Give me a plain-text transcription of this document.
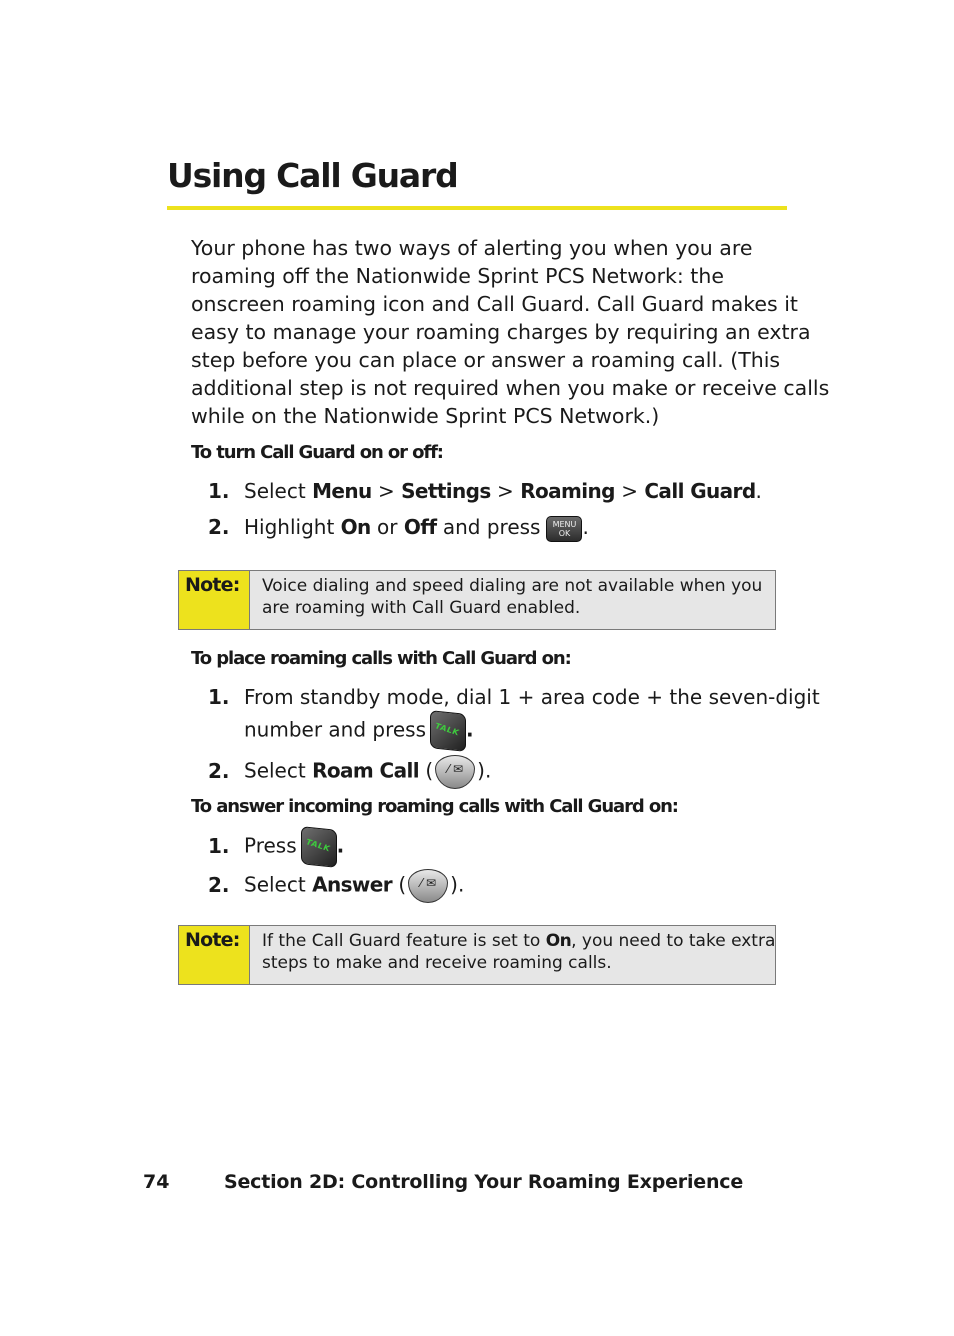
Using Call Guard
Your phone has two ways of alerting you when you are
roaming off the Nationwide Sprint PCS Network: the
onscreen roaming icon and Call Guard. Call Guard makes it
easy to manage your roaming charges by requiring an extra
step before you can place or answer a roaming call. (This
additional step is not required when you make or receive calls
while on the Nationwide Sprint PCS Network.)
To turn Call Guard on or off:
1. Select Menu > Settings > Roaming > Call Guard.
2. Highlight On or Off and press MENU
OK .
Note:	Voice dialing and speed dialing are not available when you
are roaming with Call Guard enabled.
To place roaming calls with Call Guard on:
1. From standby mode, dial 1 + area code + the seven-digit
number and press TALK .
2. Select Roam Call (	⁄ ✉ ).
To answer incoming roaming calls with Call Guard on:
1. Press TALK .
2. Select Answer (	⁄ ✉ ).
Note:	If the Call Guard feature is set to On, you need to take extra
steps to make and receive roaming calls.
74	Section 2D: Controlling Your Roaming Experience
